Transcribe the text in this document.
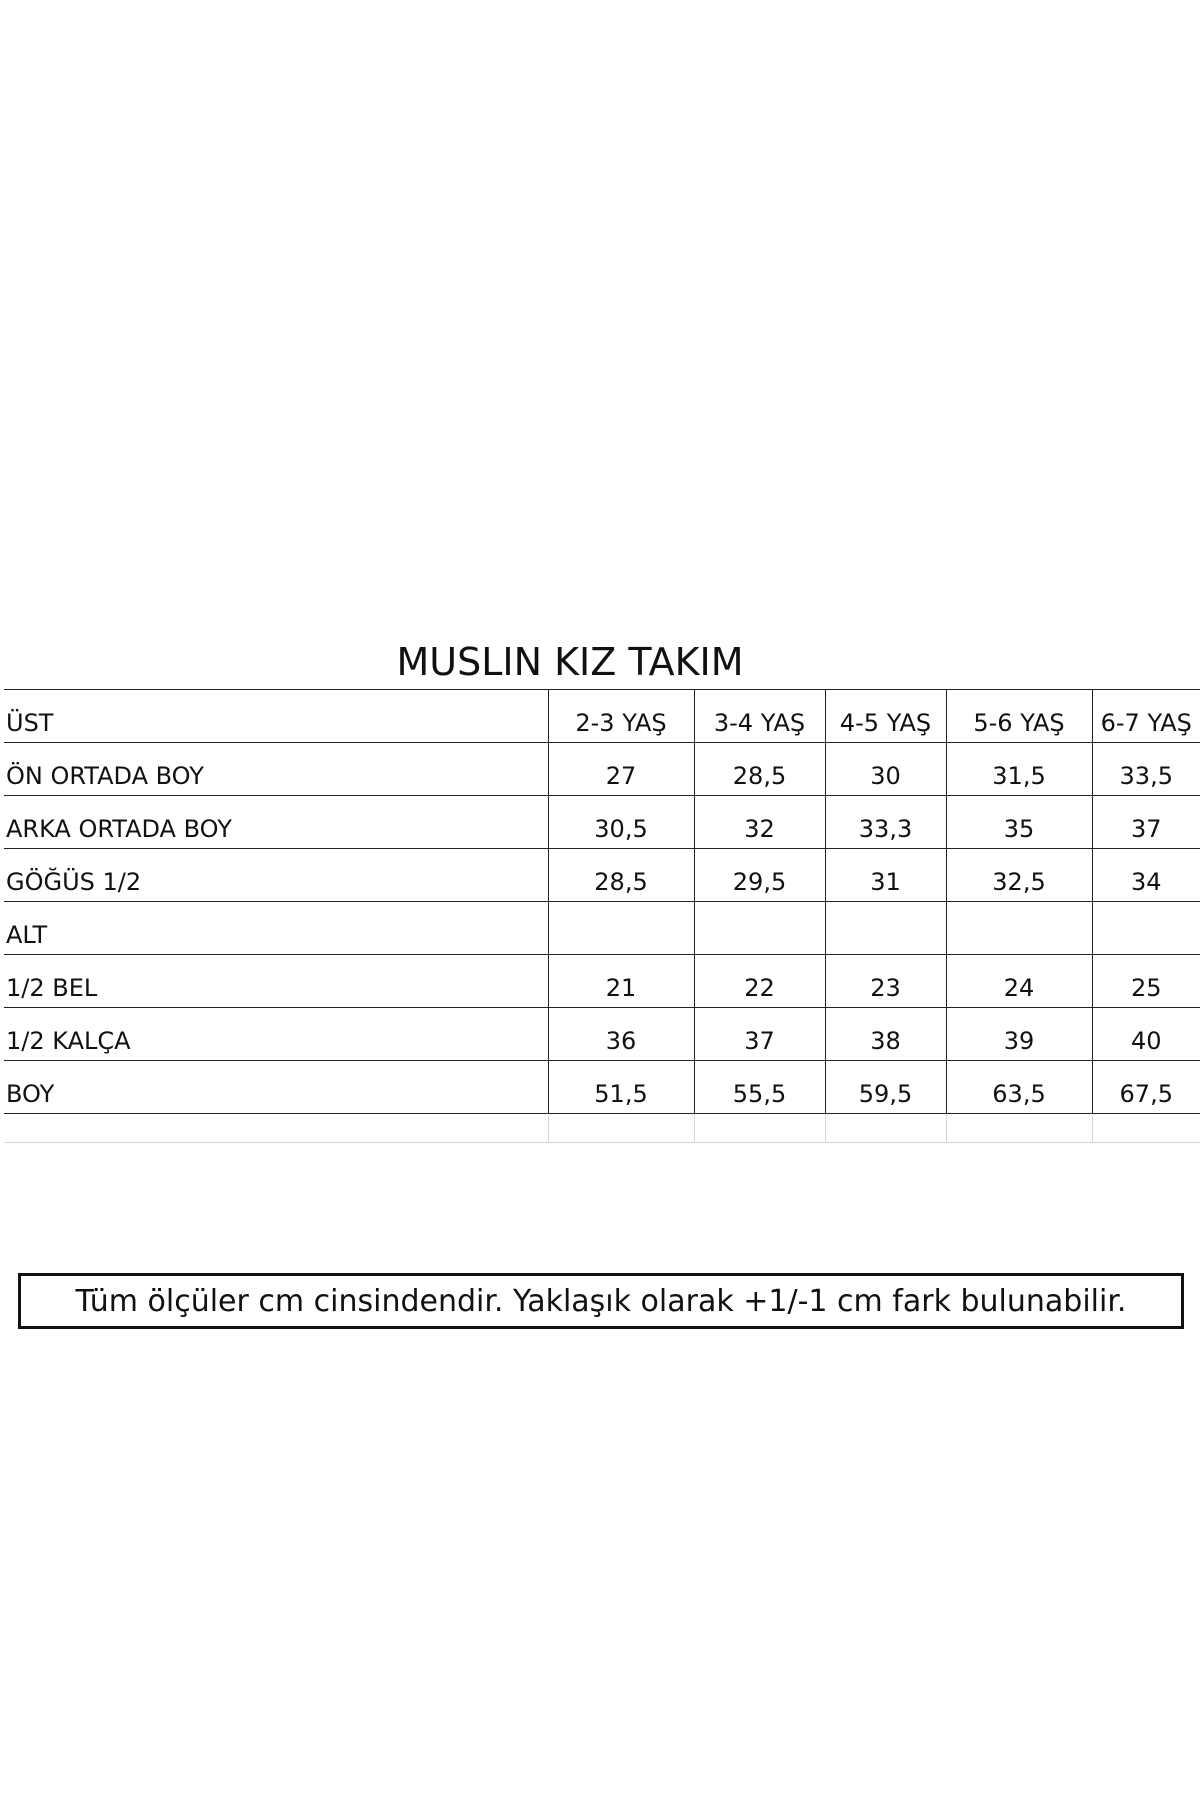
MUSLIN KIZ TAKIM
ÜST	2-3 YAŞ	3-4 YAŞ	4-5 YAŞ	5-6 YAŞ	6-7 YAŞ
ÖN ORTADA BOY	27	28,5	30	31,5	33,5
ARKA ORTADA BOY	30,5	32	33,3	35	37
GÖĞÜS 1/2	28,5	29,5	31	32,5	34
ALT					
1/2 BEL	21	22	23	24	25
1/2 KALÇA	36	37	38	39	40
BOY	51,5	55,5	59,5	63,5	67,5

Tüm ölçüler cm cinsindendir. Yaklaşık olarak +1/-1 cm fark bulunabilir.
